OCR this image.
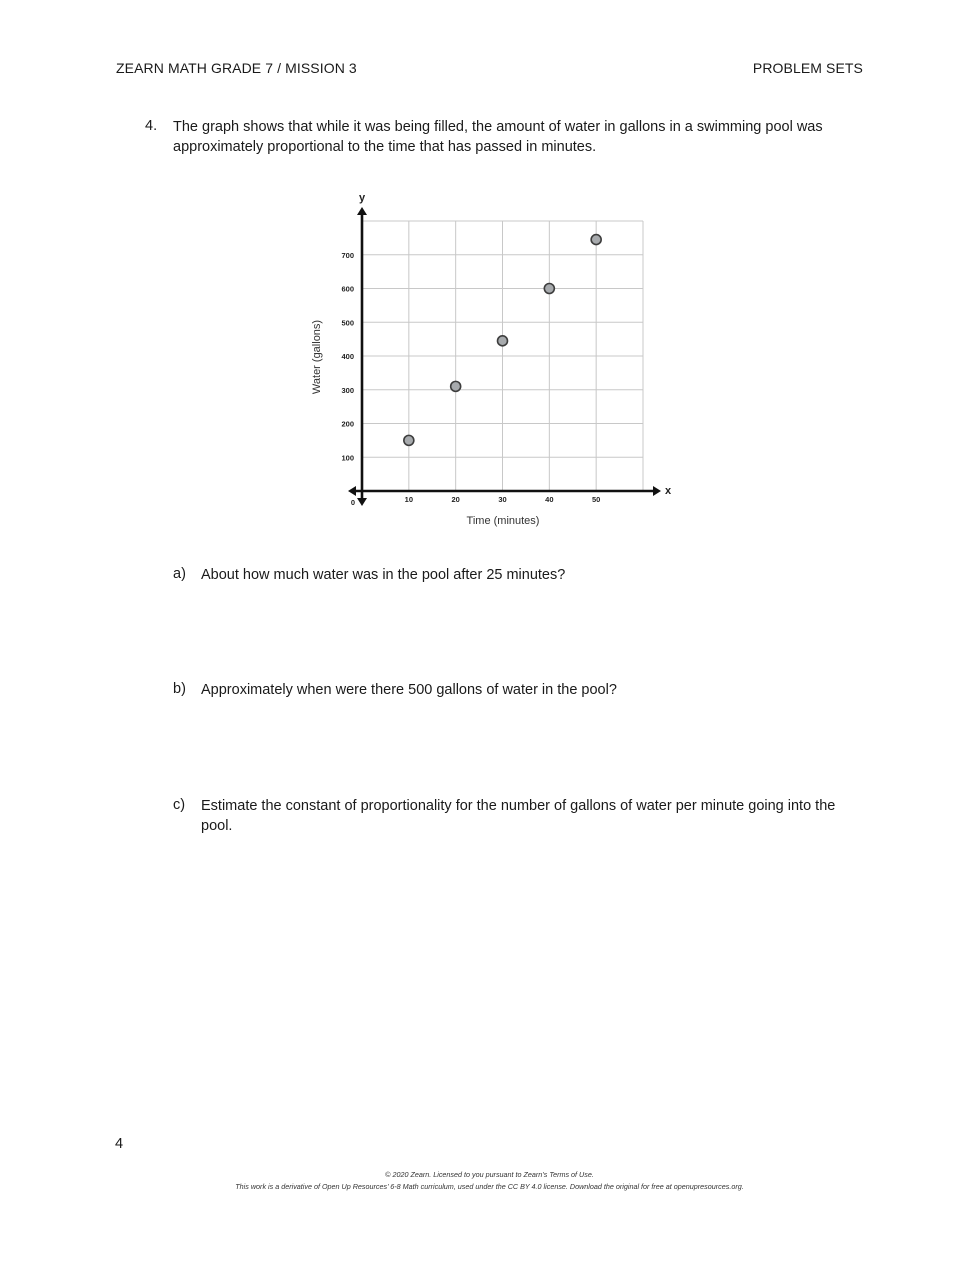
ZEARN MATH GRADE 7 / MISSION 3	PROBLEM SETS
4. The graph shows that while it was being filled, the amount of water in gallons in a swimming pool was approximately proportional to the time that has passed in minutes.
10	20	30	40	50
100
200
300
400
500
600
700
Time (minutes)
Water (gallons)
x
y
0
a) About how much water was in the pool after 25 minutes?
b) Approximately when were there 500 gallons of water in the pool?
c) Estimate the constant of proportionality for the number of gallons of water per minute going into the pool.
4
© 2020 Zearn. Licensed to you pursuant to Zearn’s Terms of Use.
This work is a derivative of Open Up Resources’ 6-8 Math curriculum, used under the CC BY 4.0 license. Download the original for free at openupresources.org.
